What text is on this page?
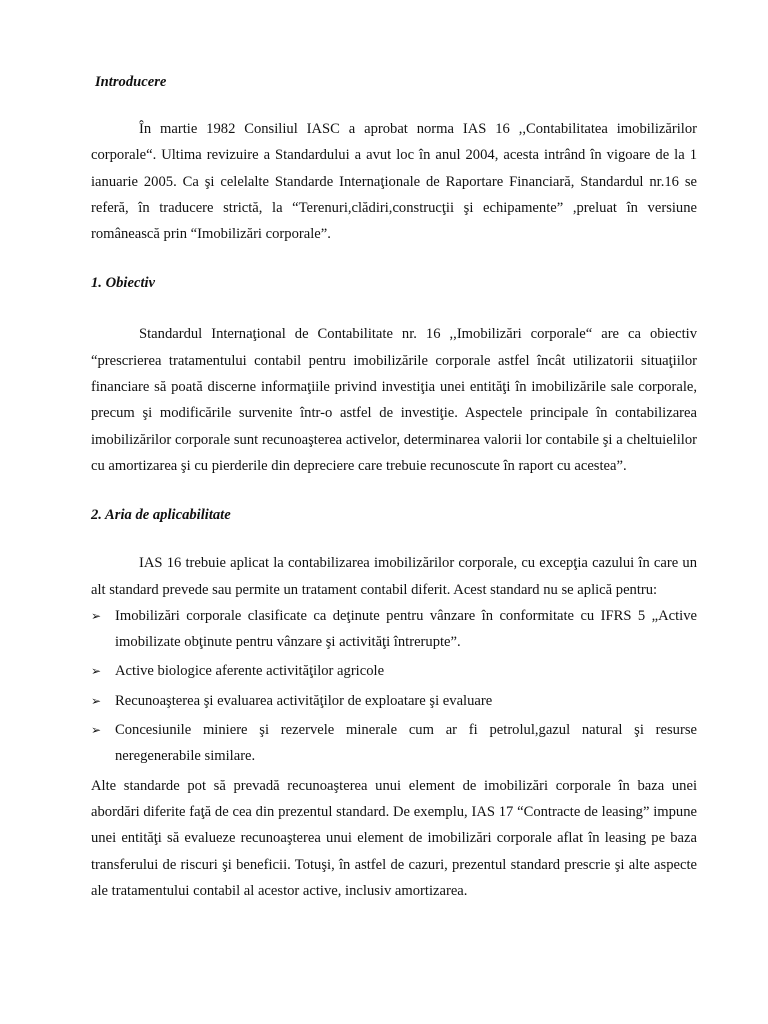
Introducere

În martie 1982 Consiliul IASC a aprobat norma IAS 16 ,,Contabilitatea imobilizărilor corporale“. Ultima revizuire a Standardului a avut loc în anul 2004, acesta intrând în vigoare de la 1 ianuarie 2005. Ca şi celelalte Standarde Internaţionale de Raportare Financiară, Standardul nr.16 se referă, în traducere strictă, la “Terenuri,clădiri,construcţii şi echipamente” ,preluat în versiune românească prin “Imobilizări corporale”.

1. Obiectiv

Standardul Internaţional de Contabilitate nr. 16 ,,Imobilizări corporale“ are ca obiectiv “prescrierea tratamentului contabil pentru imobilizările corporale astfel încât utilizatorii situaţiilor financiare să poată discerne informaţiile privind investiţia unei entităţi în imobilizările sale corporale, precum şi modificările survenite într-o astfel de investiţie. Aspectele principale în contabilizarea imobilizărilor corporale sunt recunoaşterea activelor, determinarea valorii lor contabile şi a cheltuielilor cu amortizarea şi cu pierderile din depreciere care trebuie recunoscute în raport cu acestea”.

2. Aria de aplicabilitate

IAS 16 trebuie aplicat la contabilizarea imobilizărilor corporale, cu excepţia cazului în care un alt standard prevede sau permite un tratament contabil diferit. Acest standard nu se aplică pentru:

➢ Imobilizări corporale clasificate ca deţinute pentru vânzare în conformitate cu IFRS 5 „Active imobilizate obţinute pentru vânzare şi activităţi întrerupte”.
➢ Active biologice aferente activităţilor agricole
➢ Recunoaşterea şi evaluarea activităţilor de exploatare şi evaluare
➢ Concesiunile miniere şi rezervele minerale cum ar fi petrolul,gazul natural şi resurse neregenerabile similare.

Alte standarde pot să prevadă recunoaşterea unui element de imobilizări corporale în baza unei abordări diferite faţă de cea din prezentul standard. De exemplu, IAS 17 “Contracte de leasing” impune unei entităţi să evalueze recunoaşterea unui element de imobilizări corporale aflat în leasing pe baza transferului de riscuri şi beneficii. Totuşi, în astfel de cazuri, prezentul standard prescrie şi alte aspecte ale tratamentului contabil al acestor active, inclusiv amortizarea.
